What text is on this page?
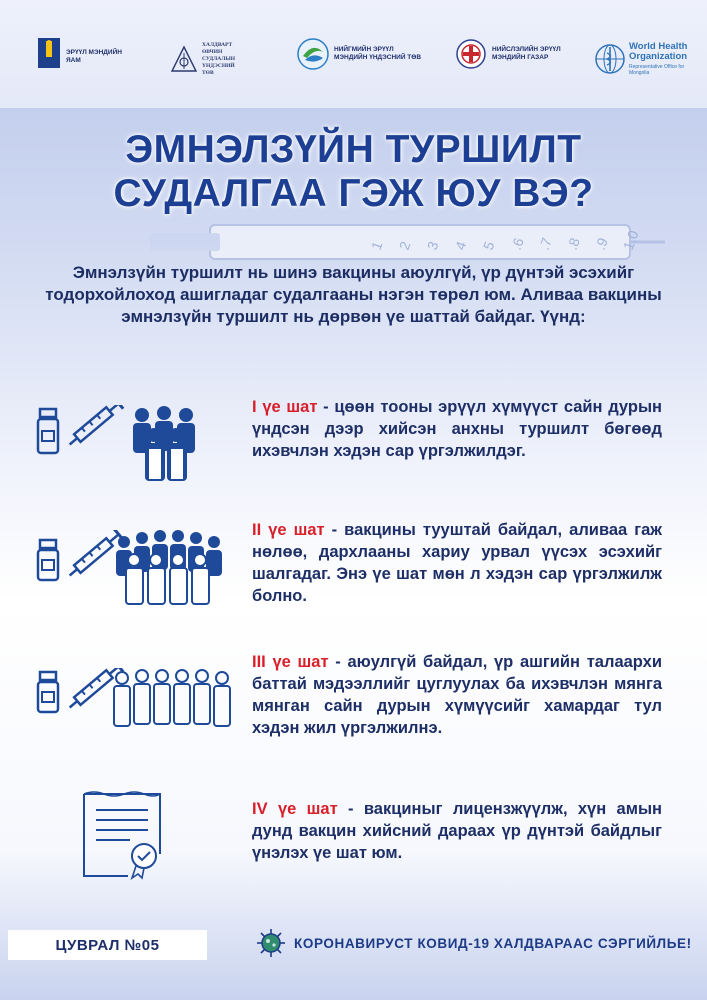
ЭРҮҮЛ МЭНДИЙН ЯАМ
ХАЛДВАРТ ӨВЧИН СУДЛАЛЫН ҮНДЭСНИЙ ТӨВ
НИЙГМИЙН ЭРҮҮЛ МЭНДИЙН ҮНДЭСНИЙ ТӨВ
НИЙСЛЭЛИЙН ЭРҮҮЛ МЭНДИЙН ГАЗАР
World Health Organization
Representative Office for Mongolia
1 2 3 4 5 .6 .7 .8 .9 1.0
ЭМНЭЛЗҮЙН ТУРШИЛТ
СУДАЛГАА ГЭЖ ЮУ ВЭ?
Эмнэлзүйн туршилт нь шинэ вакцины аюулгүй, үр дүнтэй эсэхийг тодорхойлоход ашигладаг судалгааны нэгэн төрөл юм. Аливаа вакцины эмнэлзүйн туршилт нь дөрвөн үе шаттай байдаг. Үүнд:
I үе шат - цөөн тооны эрүүл хүмүүст сайн дурын үндсэн дээр хийсэн анхны туршилт бөгөөд ихэвчлэн хэдэн сар үргэлжилдэг.
II үе шат - вакцины тууштай байдал, аливаа гаж нөлөө, дархлааны хариу урвал үүсэх эсэхийг шалгадаг. Энэ үе шат мөн л хэдэн сар үргэлжилж болно.
III үе шат - аюулгүй байдал, үр ашгийн талаархи баттай мэдээллийг цуглуулах ба ихэвчлэн мянга мянган сайн дурын хүмүүсийг хамардаг тул хэдэн жил үргэлжилнэ.
IV үе шат - вакциныг лицензжүүлж, хүн амын дунд вакцин хийсний дараах үр дүнтэй байдлыг үнэлэх үе шат юм.
ЦУВРАЛ №05	КОРОНАВИРУСТ КОВИД-19 ХАЛДВАРААС СЭРГИЙЛЬЕ!
